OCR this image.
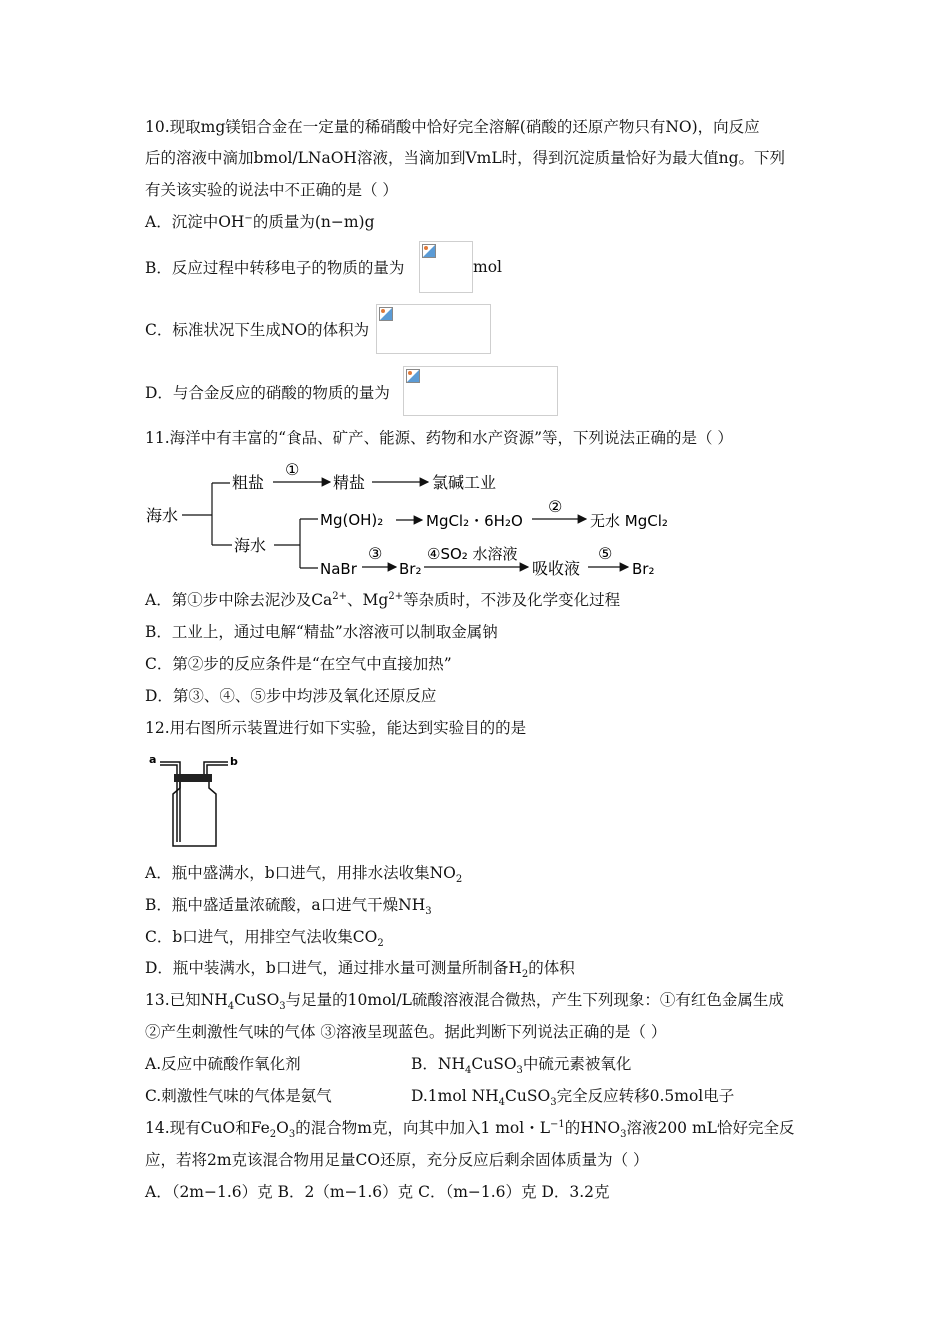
10.现取mg镁铝合金在一定量的稀硝酸中恰好完全溶解(硝酸的还原产物只有NO)，向反应
后的溶液中滴加bmol/LNaOH溶液，当滴加到VmL时，得到沉淀质量恰好为最大值ng。下列
有关该实验的说法中不正确的是（ ）
A．沉淀中OH−的质量为(n−m)g
B．反应过程中转移电子的物质的量为	mol
C．标准状况下生成NO的体积为
D．与合金反应的硝酸的物质的量为
11.海洋中有丰富的“食品、矿产、能源、药物和水产资源”等，下列说法正确的是（ ）
海水
粗盐
①
精盐	氯碱工业
海水
Mg(OH)₂	MgCl₂・6H₂O
②
无水 MgCl₂
NaBr
③
Br₂
④SO₂ 水溶液
吸收液
⑤
Br₂
A．第①步中除去泥沙及$Ca^{2+}$、$Mg^{2+}$等杂质时，不涉及化学变化过程
B．工业上，通过电解“精盐”水溶液可以制取金属钠
C．第②步的反应条件是“在空气中直接加热”
D．第③、④、⑤步中均涉及氧化还原反应
12.用右图所示装置进行如下实验，能达到实验目的的是
a	b
A．瓶中盛满水，b口进气，用排水法收集$NO_2$
B．瓶中盛适量浓硫酸，a口进气干燥$NH_3$
C．b口进气，用排空气法收集$CO_2$
D．瓶中装满水，b口进气，通过排水量可测量所制备$H_2$的体积
13.已知$NH_4CuSO_3$与足量的10mol/L硫酸溶液混合微热，产生下列现象：①有红色金属生成
②产生刺激性气味的气体 ③溶液呈现蓝色。据此判断下列说法正确的是（ ）
A.反应中硫酸作氧化剂	B．$NH_4CuSO_3$中硫元素被氧化
C.刺激性气味的气体是氨气	D.1mol $NH_4CuSO_3$完全反应转移0.5mol电子
14.现有CuO和$Fe_2O_3$的混合物m克，向其中加入1 mol・$L^{-1}$的$HNO_3$溶液200 mL恰好完全反
应，若将2m克该混合物用足量CO还原，充分反应后剩余固体质量为（ ）
A．（2m−1.6）克 B．2（m−1.6）克 C．（m−1.6）克 D．3.2克
